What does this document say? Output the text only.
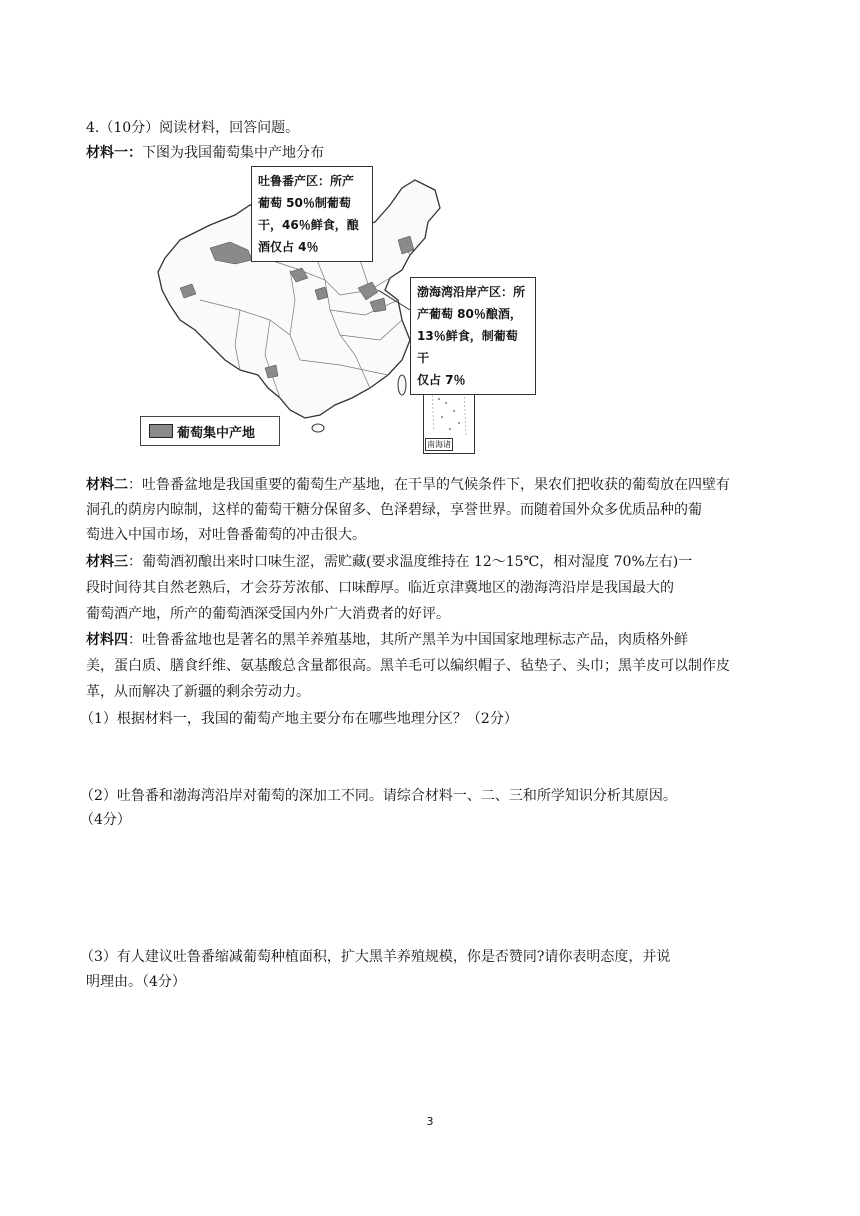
4.（10分）阅读材料，回答问题。
材料一：下图为我国葡萄集中产地分布
南海诸
吐鲁番产区：所产
葡萄 50％制葡萄
干，46％鲜食，酿
酒仅占 4％
渤海湾沿岸产区：所
产葡萄 80％酿酒，
13％鲜食，制葡萄干
仅占 7％
葡萄集中产地
材料二：吐鲁番盆地是我国重要的葡萄生产基地，在干旱的气候条件下，果农们把收获的葡萄放在四壁有
洞孔的荫房内晾制，这样的葡萄干糖分保留多、色泽碧绿，享誉世界。而随着国外众多优质品种的葡
萄进入中国市场，对吐鲁番葡萄的冲击很大。
材料三：葡萄酒初酿出来时口味生涩，需贮藏(要求温度维持在 12～15℃，相对湿度 70%左右)一
段时间待其自然老熟后，才会芬芳浓郁、口味醇厚。临近京津冀地区的渤海湾沿岸是我国最大的
葡萄酒产地，所产的葡萄酒深受国内外广大消费者的好评。
材料四：吐鲁番盆地也是著名的黑羊养殖基地，其所产黑羊为中国国家地理标志产品，肉质格外鲜
美，蛋白质、膳食纤维、氨基酸总含量都很高。黑羊毛可以编织帽子、毡垫子、头巾；黑羊皮可以制作皮
革，从而解决了新疆的剩余劳动力。
（1）根据材料一，我国的葡萄产地主要分布在哪些地理分区？（2分）
（2）吐鲁番和渤海湾沿岸对葡萄的深加工不同。请综合材料一、二、三和所学知识分析其原因。
（4分）
（3）有人建议吐鲁番缩减葡萄种植面积，扩大黑羊养殖规模，你是否赞同?请你表明态度，并说
明理由。（4分）
3
